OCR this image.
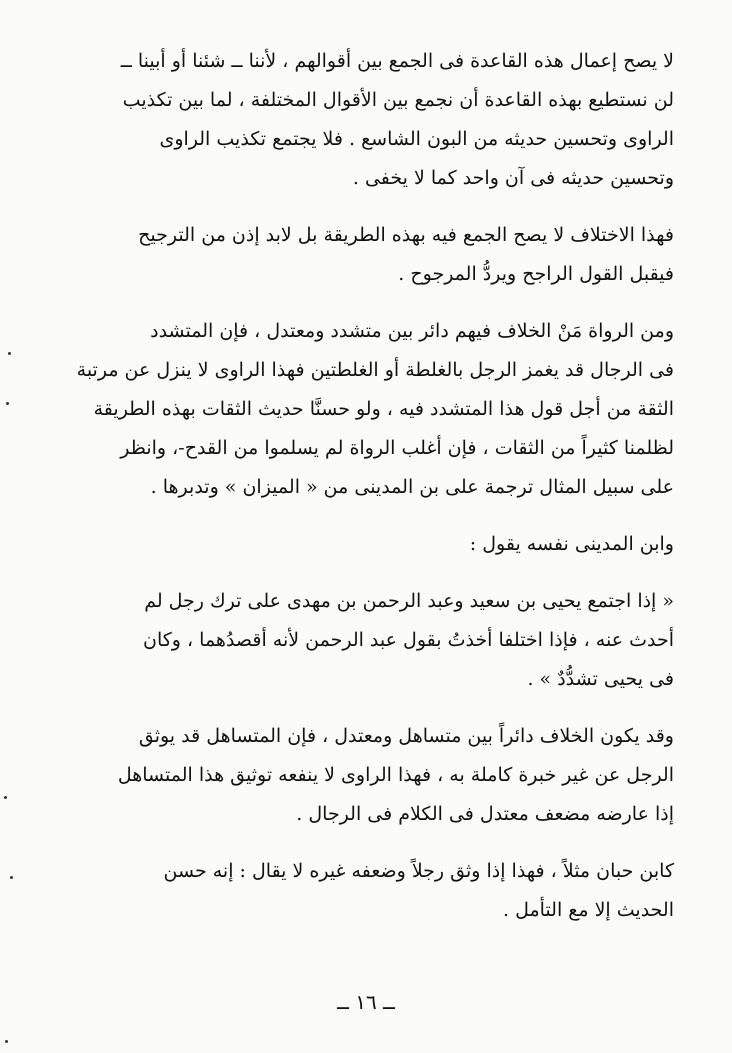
لا يصح إعمال هذه القاعدة فى الجمع بين أقوالهم ، لأننا ــ شئنا أو أبينا ــ
لن نستطيع بهذه القاعدة أن نجمع بين الأقوال المختلفة ، لما بين تكذيب
الراوى وتحسين حديثه من البون الشاسع . فلا يجتمع تكذيب الراوى
وتحسين حديثه فى آن واحد كما لا يخفى .

فهذا الاختلاف لا يصح الجمع فيه بهذه الطريقة بل لابد إذن من الترجيح
فيقبل القول الراجح ويردُّ المرجوح .

ومن الرواة مَنْ الخلاف فيهم دائر بين متشدد ومعتدل ، فإن المتشدد
فى الرجال قد يغمز الرجل بالغلطة أو الغلطتين فهذا الراوى لا ينزل عن مرتبة
الثقة من أجل قول هذا المتشدد فيه ، ولو حسنَّا حديث الثقات بهذه الطريقة
لظلمنا كثيراً من الثقات ، فإن أغلب الرواة لم يسلموا من القدح-، وانظر
على سبيل المثال ترجمة على بن المدينى من « الميزان » وتدبرها .

وابن المدينى نفسه يقول :

« إذا اجتمع يحيى بن سعيد وعبد الرحمن بن مهدى على ترك رجل لم
أحدث عنه ، فإذا اختلفا أخذتُ بقول عبد الرحمن لأنه أقصدُهما ، وكان
فى يحيى تشدُّدٌ » .

وقد يكون الخلاف دائراً بين متساهل ومعتدل ، فإن المتساهل قد يوثق
الرجل عن غير خبرة كاملة به ، فهذا الراوى لا ينفعه توثيق هذا المتساهل
إذا عارضه مضعف معتدل فى الكلام فى الرجال .

كابن حبان مثلاً ، فهذا إذا وثق رجلاً وضعفه غيره لا يقال : إنه حسن
الحديث إلا مع التأمل .

ــ ١٦ ــ
